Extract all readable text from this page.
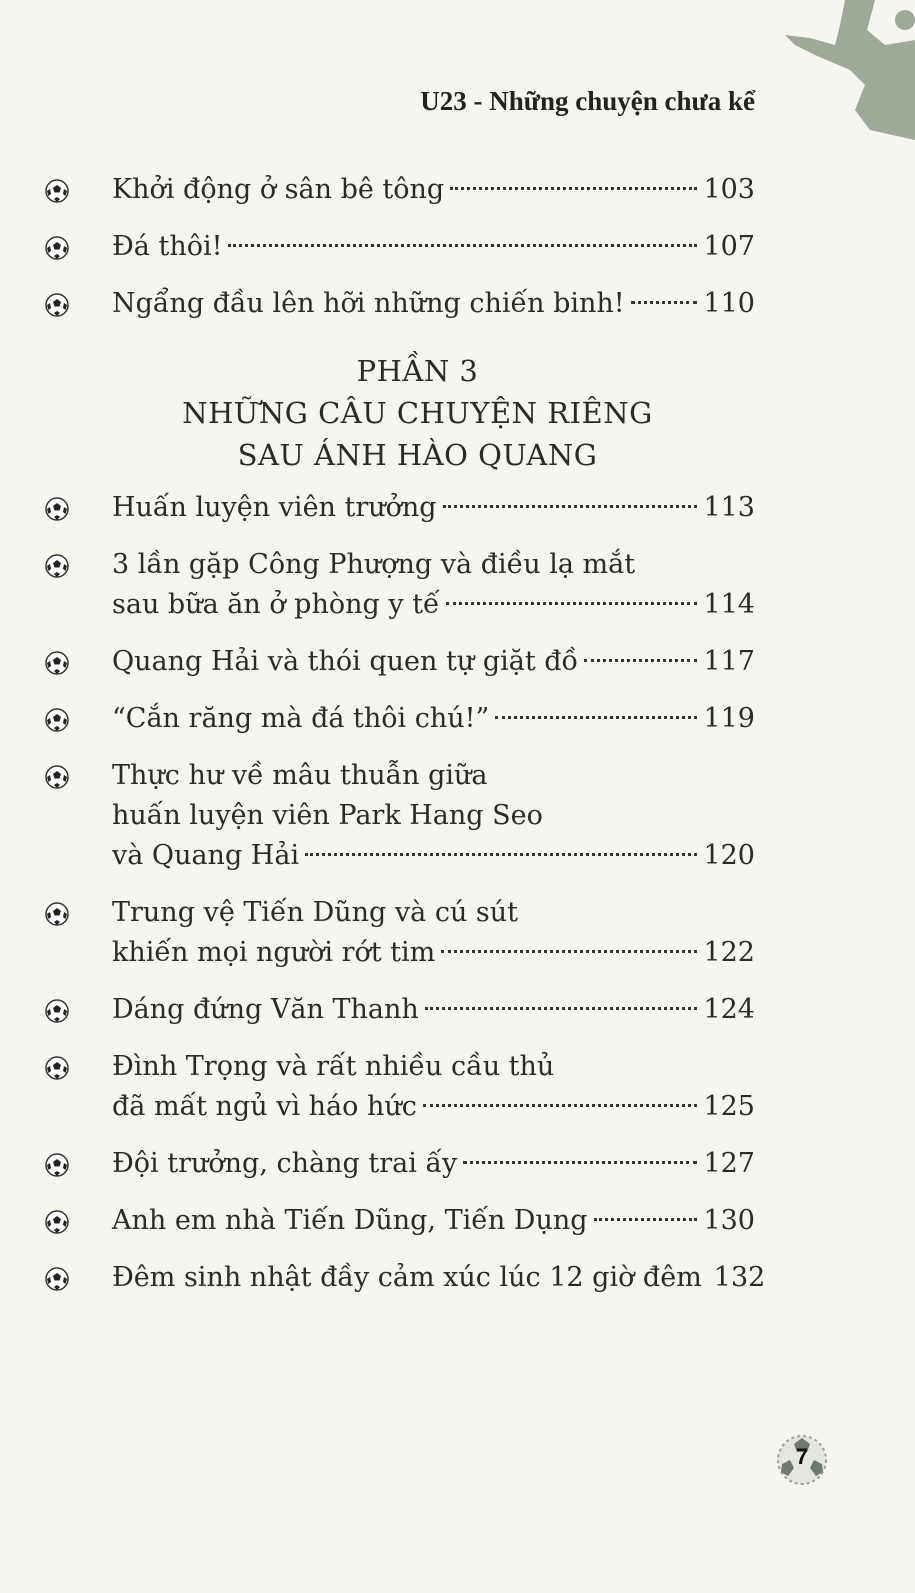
U23 - Những chuyện chưa kể
Khởi động ở sân bê tông	103
Đá thôi!	107
Ngẩng đầu lên hỡi những chiến binh!	110
PHẦN 3
NHỮNG CÂU CHUYỆN RIÊNG
SAU ÁNH HÀO QUANG
Huấn luyện viên trưởng	113
3 lần gặp Công Phượng và điều lạ mắt
sau bữa ăn ở phòng y tế	114
Quang Hải và thói quen tự giặt đồ	117
“Cắn răng mà đá thôi chú!”	119
Thực hư về mâu thuẫn giữa
huấn luyện viên Park Hang Seo
và Quang Hải	120
Trung vệ Tiến Dũng và cú sút
khiến mọi người rớt tim	122
Dáng đứng Văn Thanh	124
Đình Trọng và rất nhiều cầu thủ
đã mất ngủ vì háo hức	125
Đội trưởng, chàng trai ấy	127
Anh em nhà Tiến Dũng, Tiến Dụng	130
Đêm sinh nhật đầy cảm xúc lúc 12 giờ đêm 132
7
